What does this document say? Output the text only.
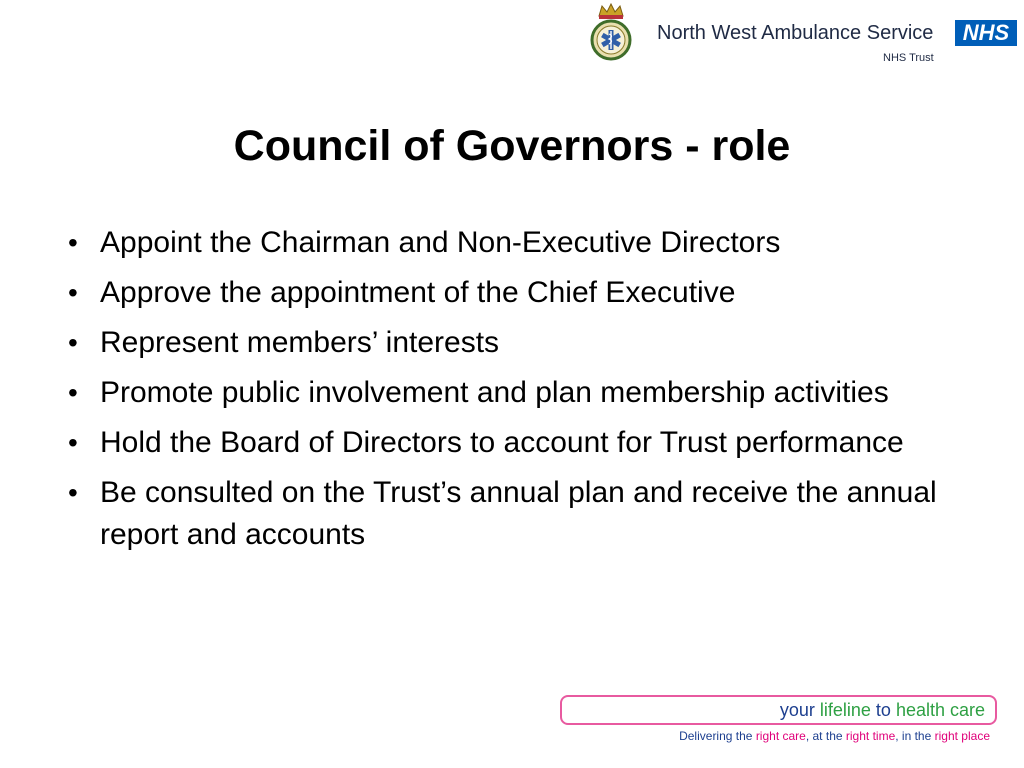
North West Ambulance Service	NHS
NHS Trust
Council of Governors - role
• Appoint the Chairman and Non-Executive Directors
• Approve the appointment of the Chief Executive
• Represent members’ interests
• Promote public involvement and plan membership activities
• Hold the Board of Directors to account for Trust performance
• Be consulted on the Trust’s annual plan and receive the annual report and accounts
your lifeline to health care
Delivering the right care, at the right time, in the right place
